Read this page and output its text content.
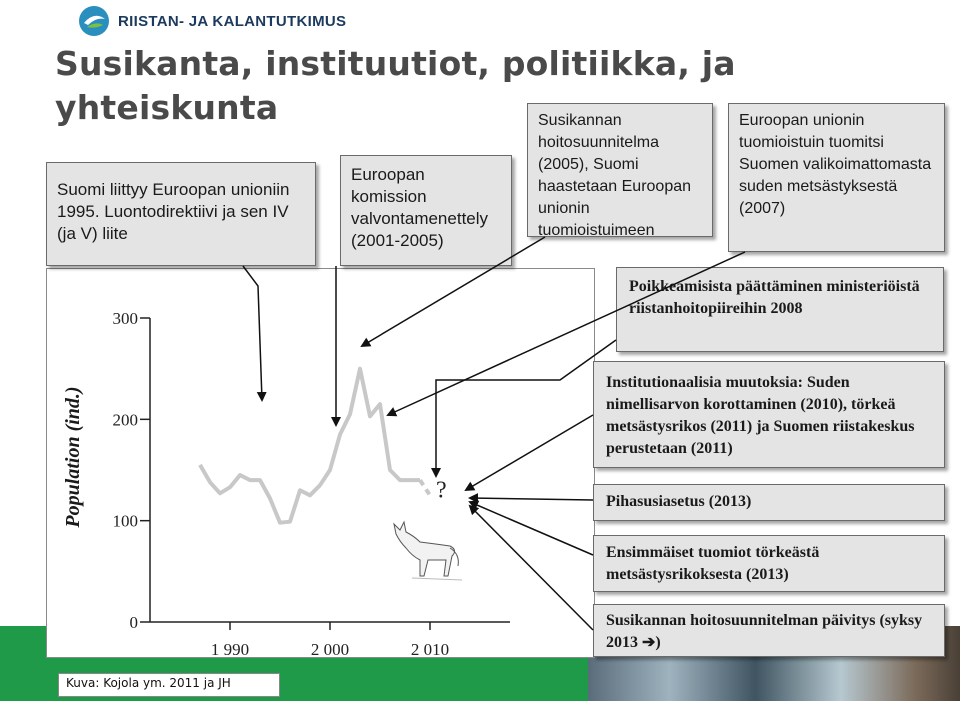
RIISTAN- JA KALANTUTKIMUS
Susikanta, instituutiot, politiikka, ja yhteiskunta
Kuva: Kojola ym. 2011 ja JH
Suomi liittyy Euroopan unioniin 1995. Luontodirektiivi ja sen IV (ja V) liite
Euroopan komission valvontamenettely (2001-2005)
Susikannan hoitosuunnitelma (2005), Suomi haastetaan Euroopan unionin tuomioistuimeen
Euroopan unionin tuomioistuin tuomitsi Suomen valikoimattomasta suden metsästyksestä (2007)
Poikkeamisista päättäminen ministeriöistä riistanhoitopiireihin 2008
Institutionaalisia muutoksia: Suden nimellisarvon korottaminen (2010), törkeä metsästysrikos (2011) ja Suomen riistakeskus perustetaan (2011)
Pihasusiasetus (2013)
Ensimmäiset tuomiot törkeästä metsästysrikoksesta (2013)
Susikannan hoitosuunnitelman päivitys (syksy 2013 ➔)
0
100
200
300
1 990	2 000	2 010
?
Population (ind.)
